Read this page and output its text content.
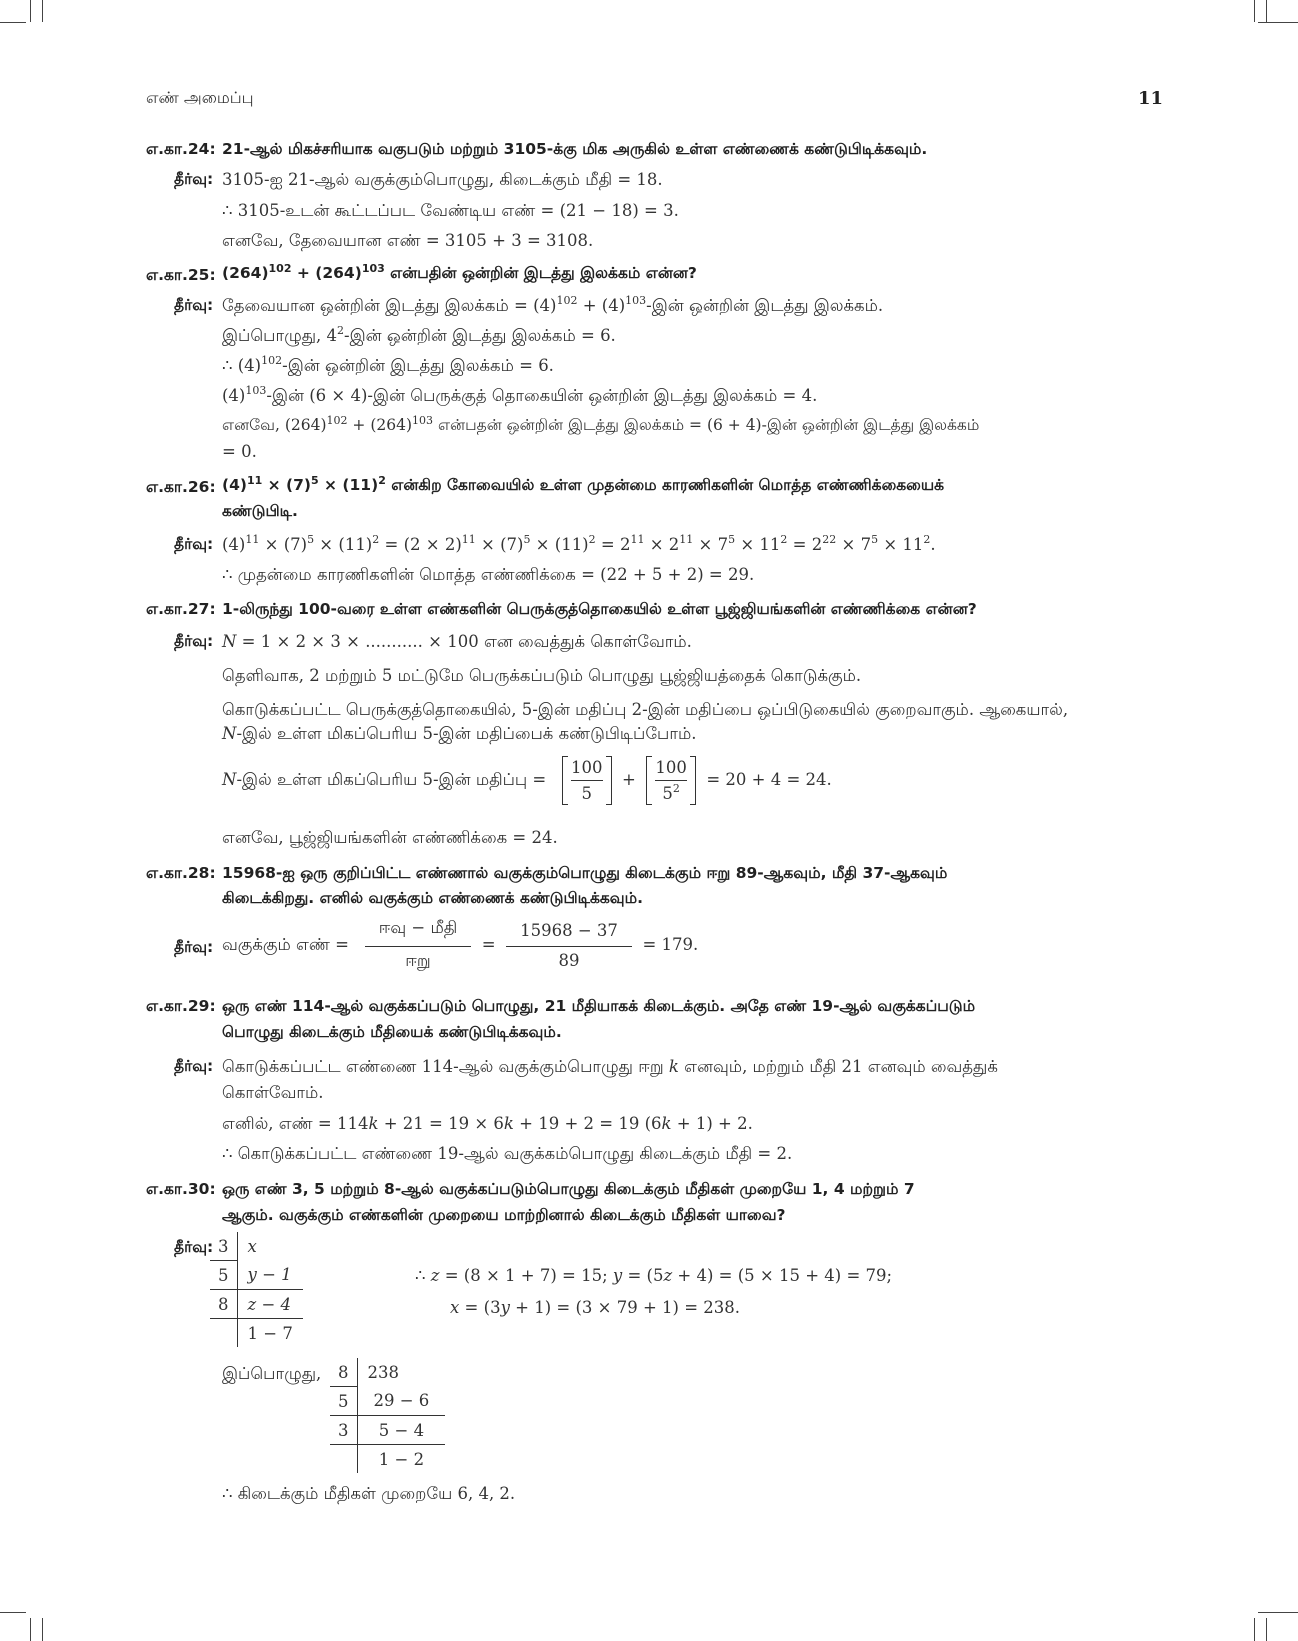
எண் அமைப்பு	11
எ.கா.24: 21-ஆல் மிகச்சரியாக வகுபடும் மற்றும் 3105-க்கு மிக அருகில் உள்ள எண்ணைக் கண்டுபிடிக்கவும்.
தீர்வு: 3105-ஐ 21-ஆல் வகுக்கும்பொழுது, கிடைக்கும் மீதி = 18.
∴ 3105-உடன் கூட்டப்பட வேண்டிய எண் = (21 − 18) = 3.
எனவே, தேவையான எண் = 3105 + 3 = 3108.
எ.கா.25: $(264)^{102} + (264)^{103}$ என்பதின் ஒன்றின் இடத்து இலக்கம் என்ன?
தீர்வு: தேவையான ஒன்றின் இடத்து இலக்கம் = $(4)^{102}$ + $(4)^{103}-இன்$ ஒன்றின் இடத்து இலக்கம்.
இப்பொழுது, $4^2-இன்$ ஒன்றின் இடத்து இலக்கம் = 6.
∴ $(4)^{102}-இன்$ ஒன்றின் இடத்து இலக்கம் = 6.
$(4)^{103}-இன்$ (6 × 4)-இன் பெருக்குத் தொகையின் ஒன்றின் இடத்து இலக்கம் = 4.
எனவே, $(264)^{102} + (264)^{103}$ என்பதன் ஒன்றின் இடத்து இலக்கம் = (6 + 4)-இன் ஒன்றின் இடத்து இலக்கம்
= 0.
எ.கா.26: $(4)^{11} \times (7)^5 \times (11)^2$ என்கிற கோவையில் உள்ள முதன்மை காரணிகளின் மொத்த எண்ணிக்கையைக்
கண்டுபிடி.
தீர்வு: $(4)^{11} \times (7)^5 \times (11)^2 = (2 \times 2)^{11} \times (7)^5 \times (11)^2 = 2^{11} \times 2^{11} \times 7^5 \times 11^2 = 2^{22} \times 7^5 \times 11^2$.
∴ முதன்மை காரணிகளின் மொத்த எண்ணிக்கை = (22 + 5 + 2) = 29.
எ.கா.27: 1-லிருந்து 100-வரை உள்ள எண்களின் பெருக்குத்தொகையில் உள்ள பூஜ்ஜியங்களின் எண்ணிக்கை என்ன?
தீர்வு: N = 1 × 2 × 3 × ........... × 100 என வைத்துக் கொள்வோம்.
தெளிவாக, 2 மற்றும் 5 மட்டுமே பெருக்கப்படும் பொழுது பூஜ்ஜியத்தைக் கொடுக்கும்.
கொடுக்கப்பட்ட பெருக்குத்தொகையில், 5-இன் மதிப்பு 2-இன் மதிப்பை ஒப்பிடுகையில் குறைவாகும். ஆகையால்,
N-இல் உள்ள மிகப்பெரிய 5-இன் மதிப்பைக் கண்டுபிடிப்போம்.
N-இல் உள்ள மிகப்பெரிய 5-இன் மதிப்பு = $\frac{100}{5} + \frac{100}{5^2} = 20 + 4 = 24$.
எனவே, பூஜ்ஜியங்களின் எண்ணிக்கை = 24.
எ.கா.28: 15968-ஐ ஒரு குறிப்பிட்ட எண்ணால் வகுக்கும்பொழுது கிடைக்கும் ஈறு 89-ஆகவும், மீதி 37-ஆகவும்
கிடைக்கிறது. எனில் வகுக்கும் எண்ணைக் கண்டுபிடிக்கவும்.
தீர்வு: வகுக்கும் எண் = $\frac{\text{ஈவு − மீதி}}{\text{ஈறு}} = \frac{15968 - 37}{89} = 179$.
எ.கா.29: ஒரு எண் 114-ஆல் வகுக்கப்படும் பொழுது, 21 மீதியாகக் கிடைக்கும். அதே எண் 19-ஆல் வகுக்கப்படும்
பொழுது கிடைக்கும் மீதியைக் கண்டுபிடிக்கவும்.
தீர்வு: கொடுக்கப்பட்ட எண்ணை 114-ஆல் வகுக்கும்பொழுது ஈறு k எனவும், மற்றும் மீதி 21 எனவும் வைத்துக்
கொள்வோம்.
எனில், எண் = 114k + 21 = 19 × 6k + 19 + 2 = 19 (6k + 1) + 2.
∴ கொடுக்கப்பட்ட எண்ணை 19-ஆல் வகுக்கம்பொழுது கிடைக்கும் மீதி = 2.
எ.கா.30: ஒரு எண் 3, 5 மற்றும் 8-ஆல் வகுக்கப்படும்பொழுது கிடைக்கும் மீதிகள் முறையே 1, 4 மற்றும் 7
ஆகும். வகுக்கும் எண்களின் முறையை மாற்றினால் கிடைக்கும் மீதிகள் யாவை?
தீர்வு: 3	x
5	y − 1
8	z − 4
	1 − 7
∴ z = (8 × 1 + 7) = 15; y = (5z + 4) = (5 × 15 + 4) = 79;
x = (3y + 1) = (3 × 79 + 1) = 238.
இப்பொழுது, 8	238
5	29 − 6
3	5 − 4
	1 − 2
∴ கிடைக்கும் மீதிகள் முறையே 6, 4, 2.
